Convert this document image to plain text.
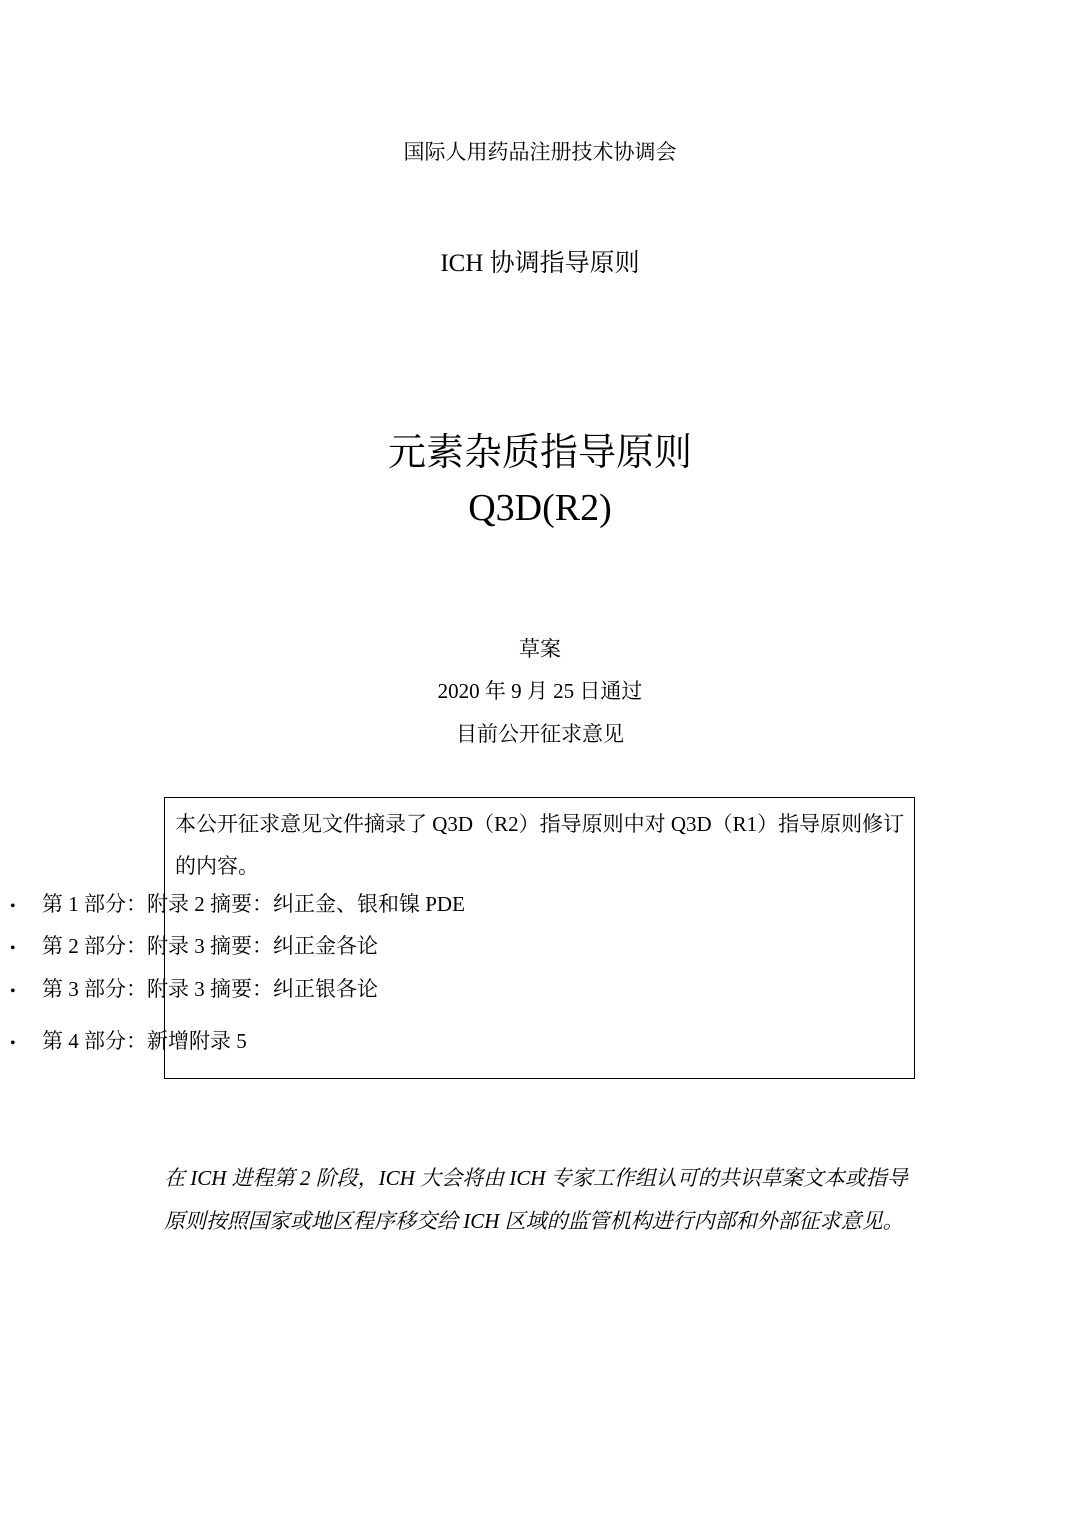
国际人用药品注册技术协调会
ICH 协调指导原则
元素杂质指导原则
Q3D(R2)
草案
2020 年 9 月 25 日通过
目前公开征求意见

本公开征求意见文件摘录了 Q3D（R2）指导原则中对 Q3D（R1）指导原则修订的内容。

• 第 1 部分：附录 2 摘要：纠正金、银和镍 PDE
• 第 2 部分：附录 3 摘要：纠正金各论
• 第 3 部分：附录 3 摘要：纠正银各论
• 第 4 部分：新增附录 5

在 ICH 进程第 2 阶段，ICH 大会将由 ICH 专家工作组认可的共识草案文本或指导原则按照国家或地区程序移交给 ICH 区域的监管机构进行内部和外部征求意见。
